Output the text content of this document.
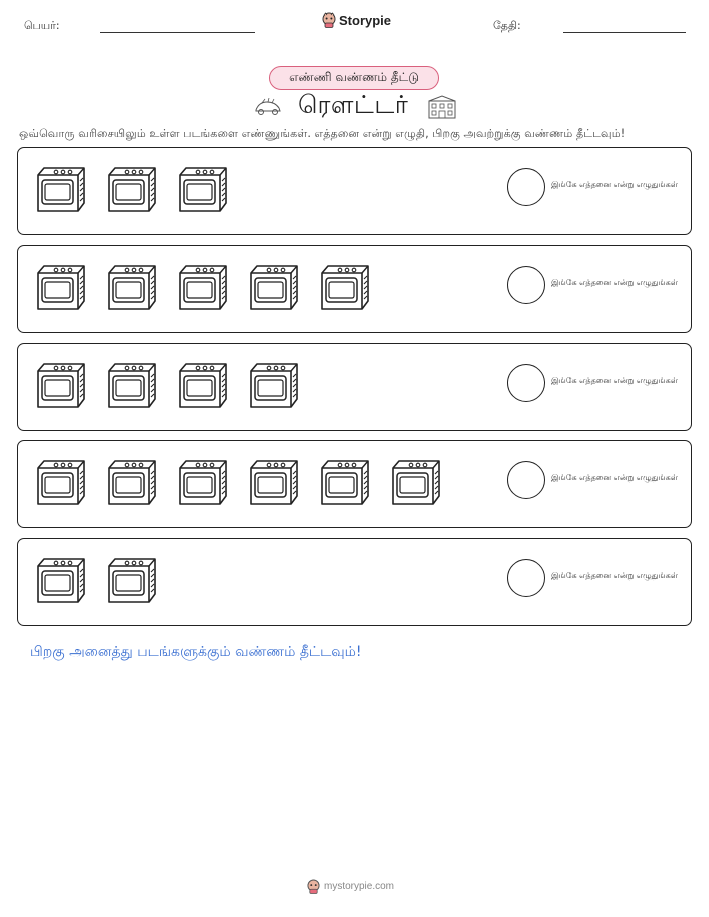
பெயர்:	Storypie	தேதி:
எண்ணி வண்ணம் தீட்டு
ரெளட்டர்
ஒவ்வொரு வரிசையிலும் உள்ள படங்களை எண்ணுங்கள். எத்தனை என்று எழுதி, பிறகு அவற்றுக்கு வண்ணம் தீட்டவும்!
இங்கே எத்தனை என்று எழுதுங்கள்
இங்கே எத்தனை என்று எழுதுங்கள்
இங்கே எத்தனை என்று எழுதுங்கள்
இங்கே எத்தனை என்று எழுதுங்கள்
இங்கே எத்தனை என்று எழுதுங்கள்
பிறகு அனைத்து படங்களுக்கும் வண்ணம் தீட்டவும்!
mystorypie.com
